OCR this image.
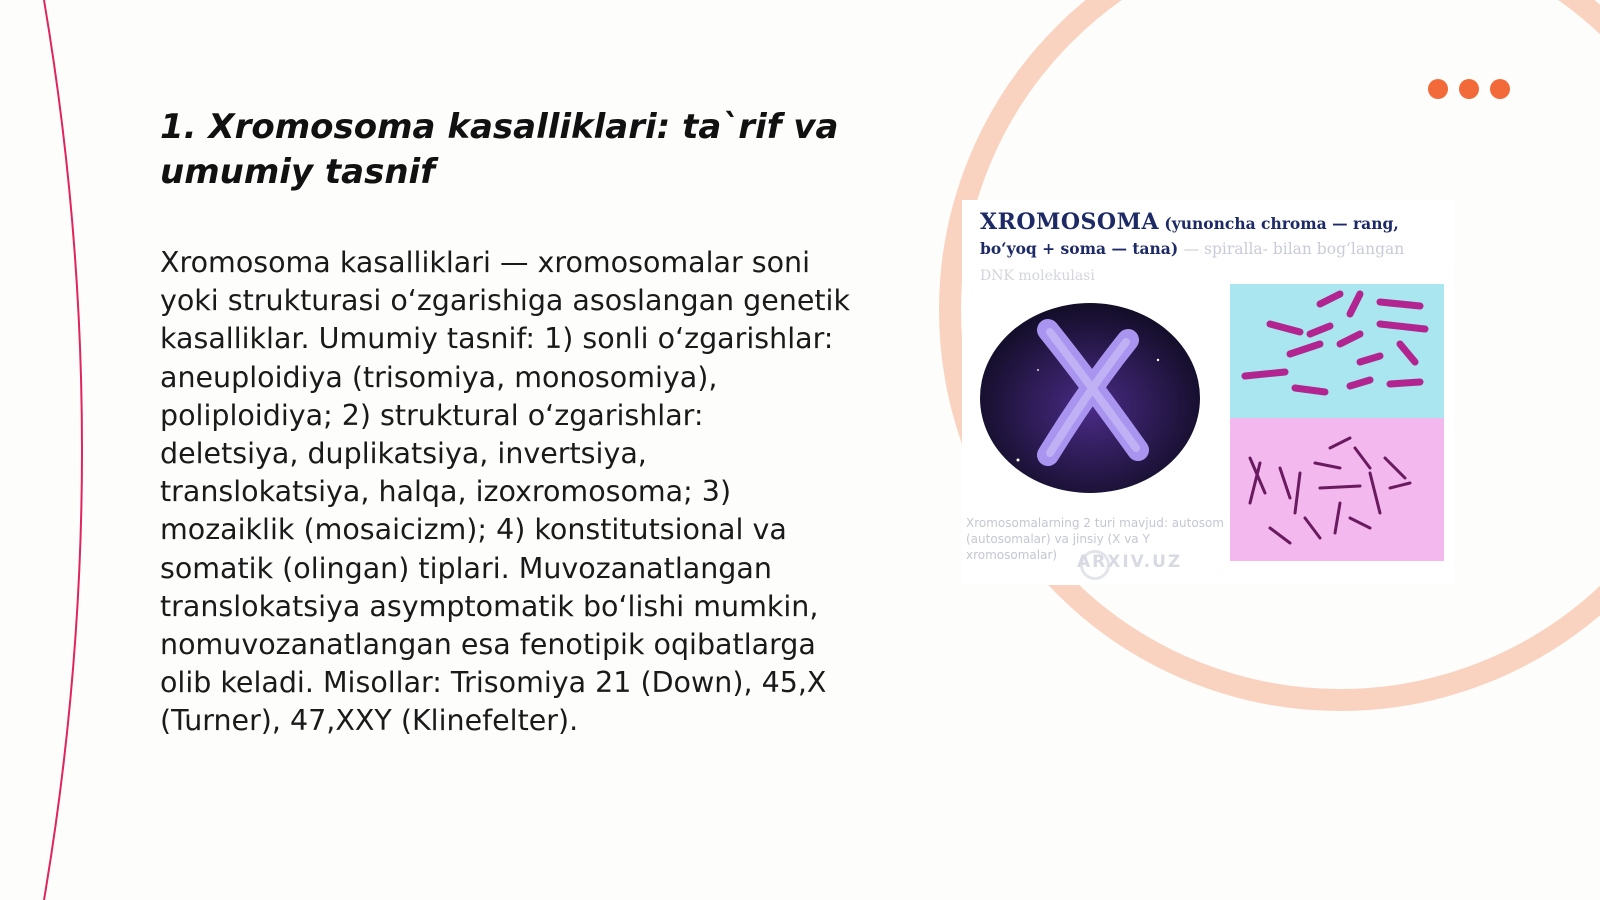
1. Xromosoma kasalliklari: ta`rif va umumiy tasnif

Xromosoma kasalliklari — xromosomalar soni yoki strukturasi o‘zgarishiga asoslangan genetik kasalliklar. Umumiy tasnif: 1) sonli o‘zgarishlar: aneuploidiya (trisomiya, monosomiya), poliploidiya; 2) struktural o‘zgarishlar: deletsiya, duplikatsiya, invertsiya, translokatsiya, halqa, izoxromosoma; 3) mozaiklik (mosaicizm); 4) konstitutsional va somatik (olingan) tiplari. Muvozanatlangan translokatsiya asymptomatik bo‘lishi mumkin, nomuvozanatlangan esa fenotipik oqibatlarga olib keladi. Misollar: Trisomiya 21 (Down), 45,X (Turner), 47,XXY (Klinefelter).

XROMOSOMA (yunoncha chroma — rang,
bo‘yoq + soma — tana) — spiralla- bilan bog‘langan
DNK molekulasi
Xromosomalarning 2 turi mavjud: autosom (autosomalar) va jinsiy (X va Y xromosomalar)	ARXIV.UZ
